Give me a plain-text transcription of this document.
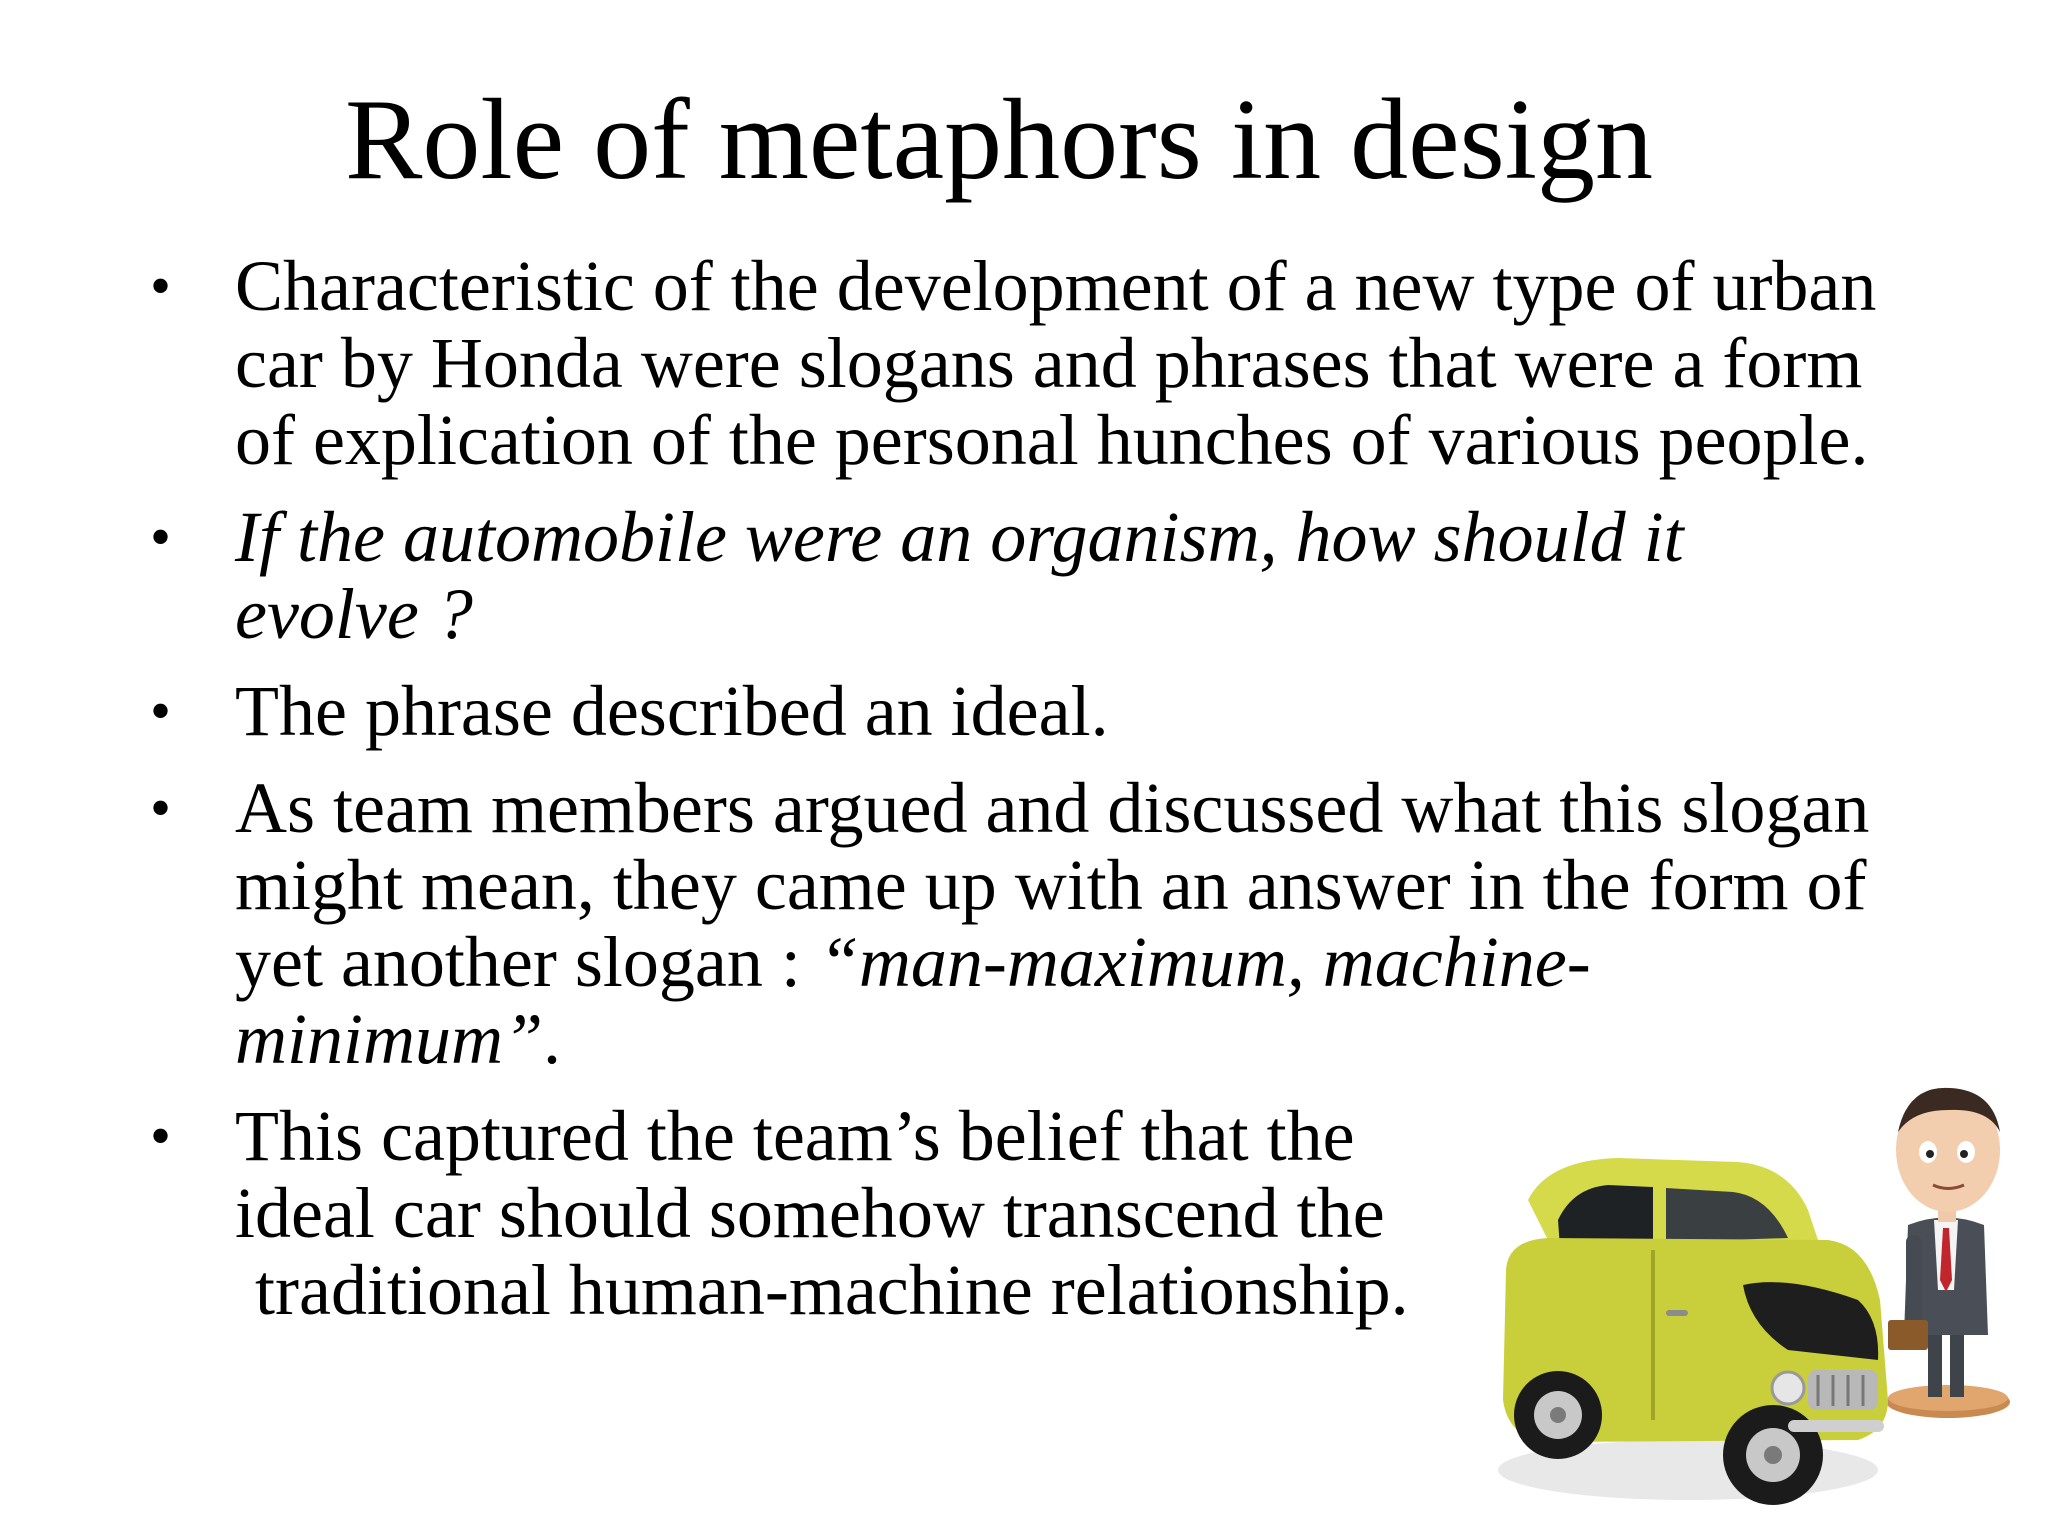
Role of metaphors in design
• Characteristic of the development of a new type of urban
car by Honda were slogans and phrases that were a form
of explication of the personal hunches of various people.
• If the automobile were an organism, how should it
evolve ?
• The phrase described an ideal.
• As team members argued and discussed what this slogan
might mean, they came up with an answer in the form of
yet another slogan : “man-maximum, machine-
minimum”.
• This captured the team’s belief that the
ideal car should somehow transcend the
traditional human-machine relationship.
